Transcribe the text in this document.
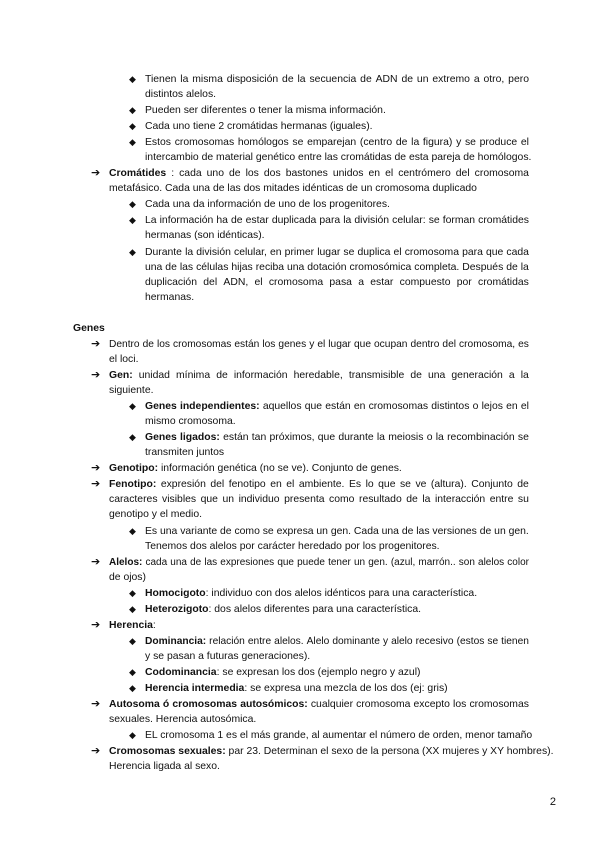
◆ Tienen la misma disposición de la secuencia de ADN de un extremo a otro, pero
distintos alelos.
◆ Pueden ser diferentes o tener la misma información.
◆ Cada uno tiene 2 cromátidas hermanas (iguales).
◆ Estos cromosomas homólogos se emparejan (centro de la figura) y se produce el
intercambio de material genético entre las cromátidas de esta pareja de homólogos.
➔ Cromátides : cada uno de los dos bastones unidos en el centrómero del cromosoma
metafásico. Cada una de las dos mitades idénticas de un cromosoma duplicado
◆ Cada una da información de uno de los progenitores.
◆ La información ha de estar duplicada para la división celular: se forman cromátides
hermanas (son idénticas).
◆ Durante la división celular, en primer lugar se duplica el cromosoma para que cada
una de las células hijas reciba una dotación cromosómica completa. Después de la
duplicación del ADN, el cromosoma pasa a estar compuesto por cromátidas
hermanas.
Genes
➔ Dentro de los cromosomas están los genes y el lugar que ocupan dentro del cromosoma, es
el loci.
➔ Gen: unidad mínima de información heredable, transmisible de una generación a la
siguiente.
◆ Genes independientes: aquellos que están en cromosomas distintos o lejos en el
mismo cromosoma.
◆ Genes ligados: están tan próximos, que durante la meiosis o la recombinación se
transmiten juntos
➔ Genotipo: información genética (no se ve). Conjunto de genes.
➔ Fenotipo: expresión del fenotipo en el ambiente. Es lo que se ve (altura). Conjunto de
caracteres visibles que un individuo presenta como resultado de la interacción entre su
genotipo y el medio.
◆ Es una variante de como se expresa un gen. Cada una de las versiones de un gen.
Tenemos dos alelos por carácter heredado por los progenitores.
➔ Alelos: cada una de las expresiones que puede tener un gen. (azul, marrón.. son alelos color
de ojos)
◆ Homocigoto: individuo con dos alelos idénticos para una característica.
◆ Heterozigoto: dos alelos diferentes para una característica.
➔ Herencia:
◆ Dominancia: relación entre alelos. Alelo dominante y alelo recesivo (estos se tienen
y se pasan a futuras generaciones).
◆ Codominancia: se expresan los dos (ejemplo negro y azul)
◆ Herencia intermedia: se expresa una mezcla de los dos (ej: gris)
➔ Autosoma ó cromosomas autosómicos: cualquier cromosoma excepto los cromosomas
sexuales. Herencia autosómica.
◆ EL cromosoma 1 es el más grande, al aumentar el número de orden, menor tamaño
➔ Cromosomas sexuales: par 23. Determinan el sexo de la persona (XX mujeres y XY hombres).
Herencia ligada al sexo.
2
